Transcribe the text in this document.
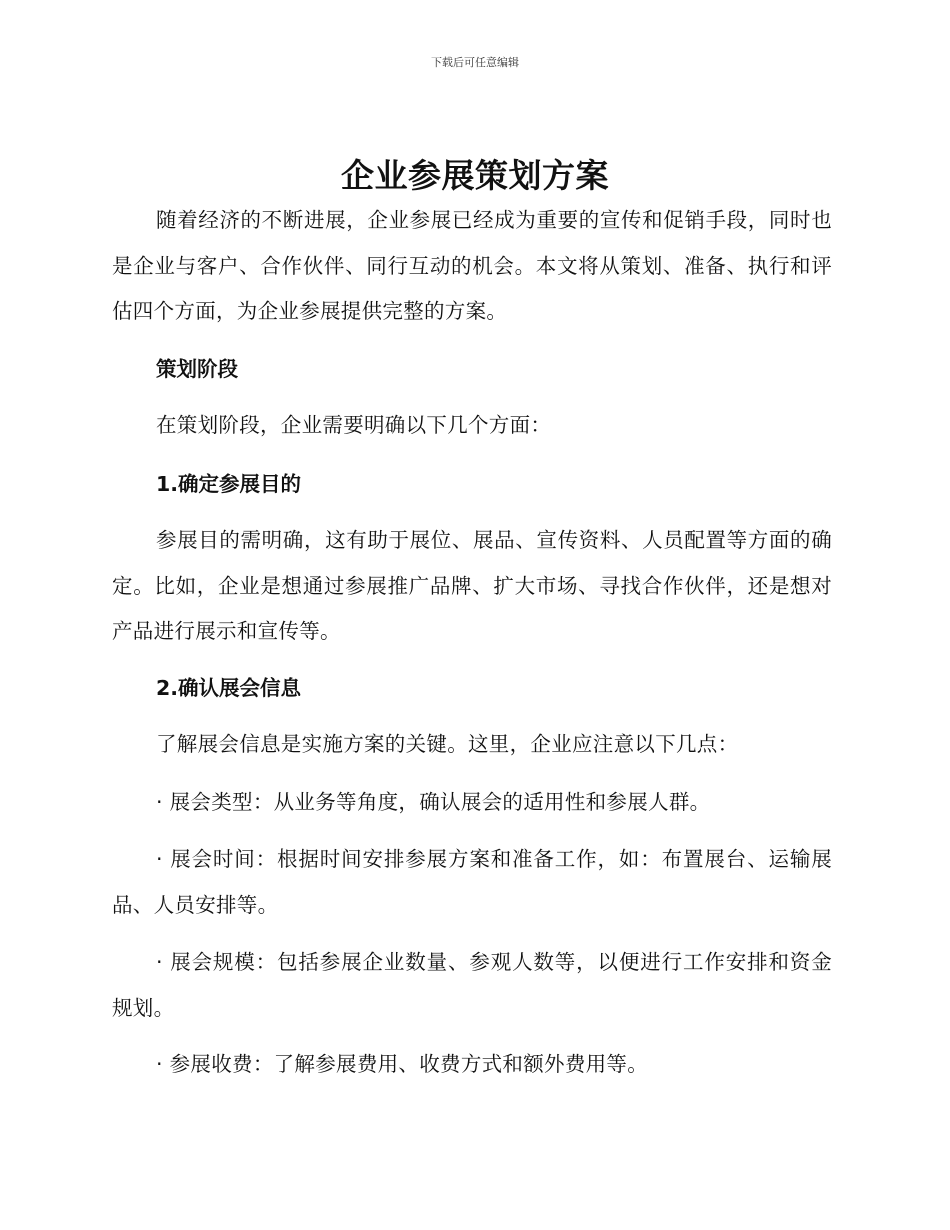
下载后可任意编辑
企业参展策划方案
随着经济的不断进展，企业参展已经成为重要的宣传和促销手段，同时也是企业与客户、合作伙伴、同行互动的机会。本文将从策划、准备、执行和评估四个方面，为企业参展提供完整的方案。
策划阶段
在策划阶段，企业需要明确以下几个方面：
1.确定参展目的
参展目的需明确，这有助于展位、展品、宣传资料、人员配置等方面的确定。比如，企业是想通过参展推广品牌、扩大市场、寻找合作伙伴，还是想对产品进行展示和宣传等。
2.确认展会信息
了解展会信息是实施方案的关键。这里，企业应注意以下几点：
· 展会类型：从业务等角度，确认展会的适用性和参展人群。
· 展会时间：根据时间安排参展方案和准备工作，如：布置展台、运输展品、人员安排等。
· 展会规模：包括参展企业数量、参观人数等，以便进行工作安排和资金规划。
· 参展收费：了解参展费用、收费方式和额外费用等。
